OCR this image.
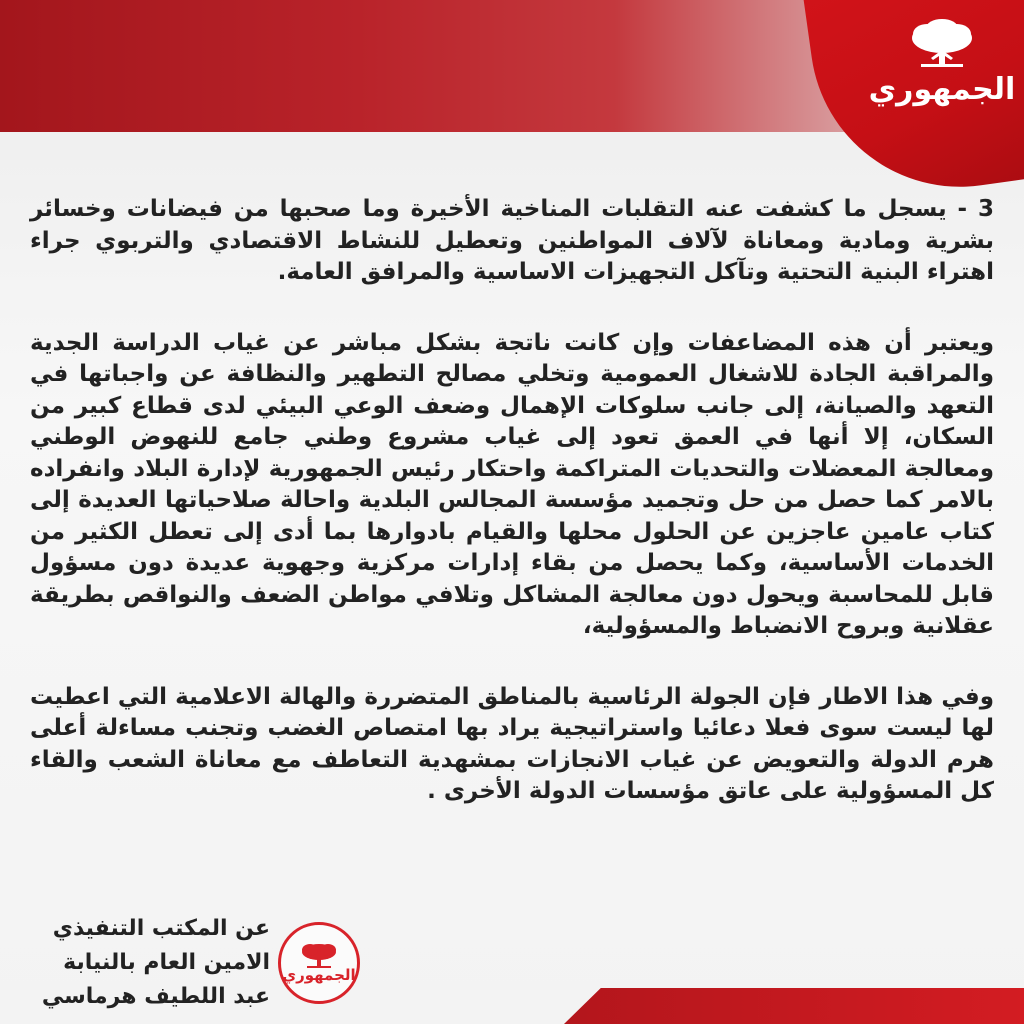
الجمهوري

3 - يسجل ما كشفت عنه التقلبات المناخية الأخيرة وما صحبها من فيضانات وخسائر بشرية ومادية ومعاناة لآلاف المواطنين وتعطيل للنشاط الاقتصادي والتربوي جراء اهتراء البنية التحتية وتآكل التجهيزات الاساسية والمرافق العامة.

ويعتبر أن هذه المضاعفات وإن كانت ناتجة بشكل مباشر عن غياب الدراسة الجدية والمراقبة الجادة للاشغال العمومية وتخلي مصالح التطهير والنظافة عن واجباتها في التعهد والصيانة، إلى جانب سلوكات الإهمال وضعف الوعي البيئي لدى قطاع كبير من السكان، إلا أنها في العمق تعود إلى غياب مشروع وطني جامع للنهوض الوطني ومعالجة المعضلات والتحديات المتراكمة واحتكار رئيس الجمهورية لإدارة البلاد وانفراده بالامر كما حصل من حل وتجميد مؤسسة المجالس البلدية واحالة صلاحياتها العديدة إلى كتاب عامين عاجزين عن الحلول محلها والقيام بادوارها بما أدى إلى تعطل الكثير من الخدمات الأساسية، وكما يحصل من بقاء إدارات مركزية وجهوية عديدة دون مسؤول قابل للمحاسبة ويحول دون معالجة المشاكل وتلافي مواطن الضعف والنواقص بطريقة عقلانية وبروح الانضباط والمسؤولية،

وفي هذا الاطار فإن الجولة الرئاسية بالمناطق المتضررة والهالة الاعلامية التي اعطيت لها ليست سوى فعلا دعائيا واستراتيجية يراد بها امتصاص الغضب وتجنب مساءلة أعلى هرم الدولة والتعويض عن غياب الانجازات بمشهدية التعاطف مع معاناة الشعب والقاء كل المسؤولية على عاتق مؤسسات الدولة الأخرى .

الجمهوري
عن المكتب التنفيذي
الامين العام بالنيابة
عبد اللطيف هرماسي
